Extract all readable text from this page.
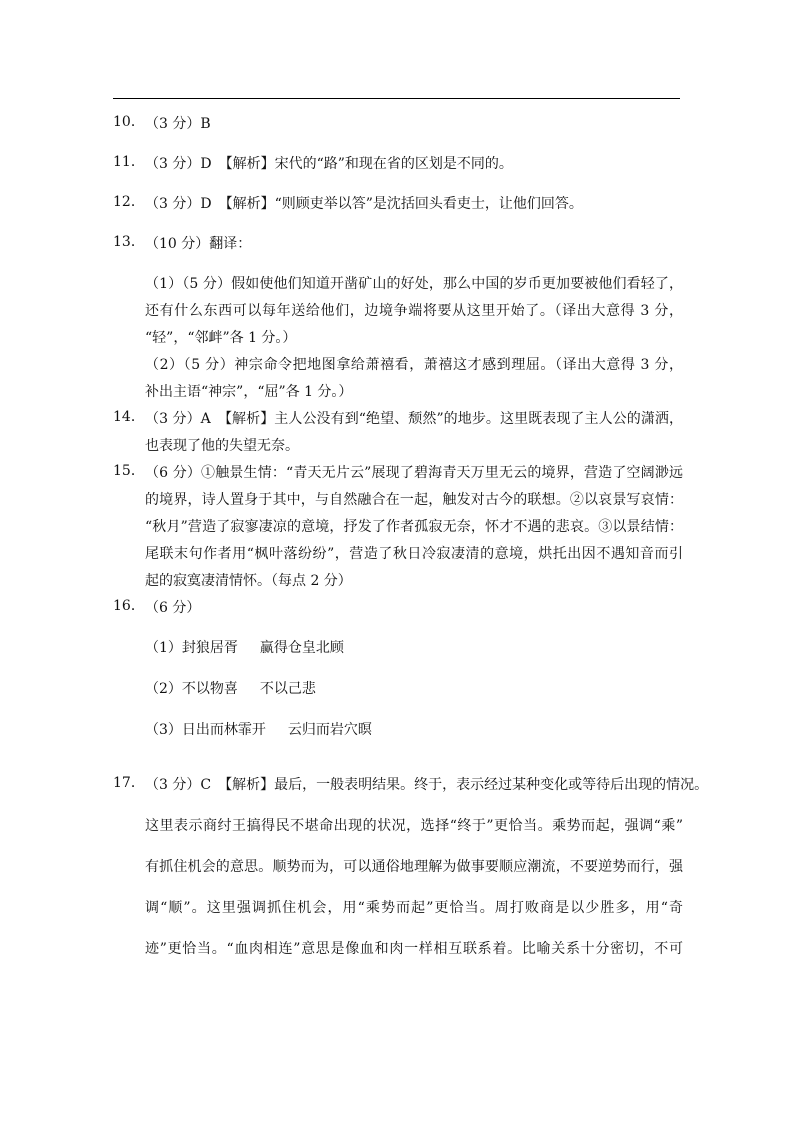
10． （3 分）B
11． （3 分）D　【解析】宋代的“路”和现在省的区划是不同的。
12． （3 分）D　【解析】“则顾吏举以答”是沈括回头看吏士，让他们回答。
13． （10 分）翻译：
（1）（5 分）假如使他们知道开凿矿山的好处，那么中国的岁币更加要被他们看轻了，
还有什么东西可以每年送给他们，边境争端将要从这里开始了。（译出大意得 3 分，
“轻”，“邻衅”各 1 分。）
（2）（5 分）神宗命令把地图拿给萧禧看，萧禧这才感到理屈。（译出大意得 3 分，
补出主语“神宗”，“屈”各 1 分。）
14． （3 分）A　【解析】主人公没有到“绝望、颓然”的地步。这里既表现了主人公的潇洒，
也表现了他的失望无奈。
15． （6 分）①触景生情：“青天无片云”展现了碧海青天万里无云的境界，营造了空阔渺远
的境界，诗人置身于其中，与自然融合在一起，触发对古今的联想。②以哀景写哀情：
“秋月”营造了寂寥凄凉的意境，抒发了作者孤寂无奈，怀才不遇的悲哀。③以景结情：
尾联末句作者用“枫叶落纷纷”，营造了秋日冷寂凄清的意境，烘托出因不遇知音而引
起的寂寞凄清情怀。（每点 2 分）
16． （6 分）
（1）封狼居胥 赢得仓皇北顾
（2）不以物喜 不以己悲
（3）日出而林霏开 云归而岩穴暝
17． （3 分）C　【解析】最后，一般表明结果。终于，表示经过某种变化或等待后出现的情况。
这里表示商纣王搞得民不堪命出现的状况，选择“终于”更恰当。乘势而起，强调“乘”
有抓住机会的意思。顺势而为，可以通俗地理解为做事要顺应潮流，不要逆势而行，强
调“顺”。这里强调抓住机会，用“乘势而起”更恰当。周打败商是以少胜多，用“奇
迹”更恰当。“血肉相连”意思是像血和肉一样相互联系着。比喻关系十分密切，不可
